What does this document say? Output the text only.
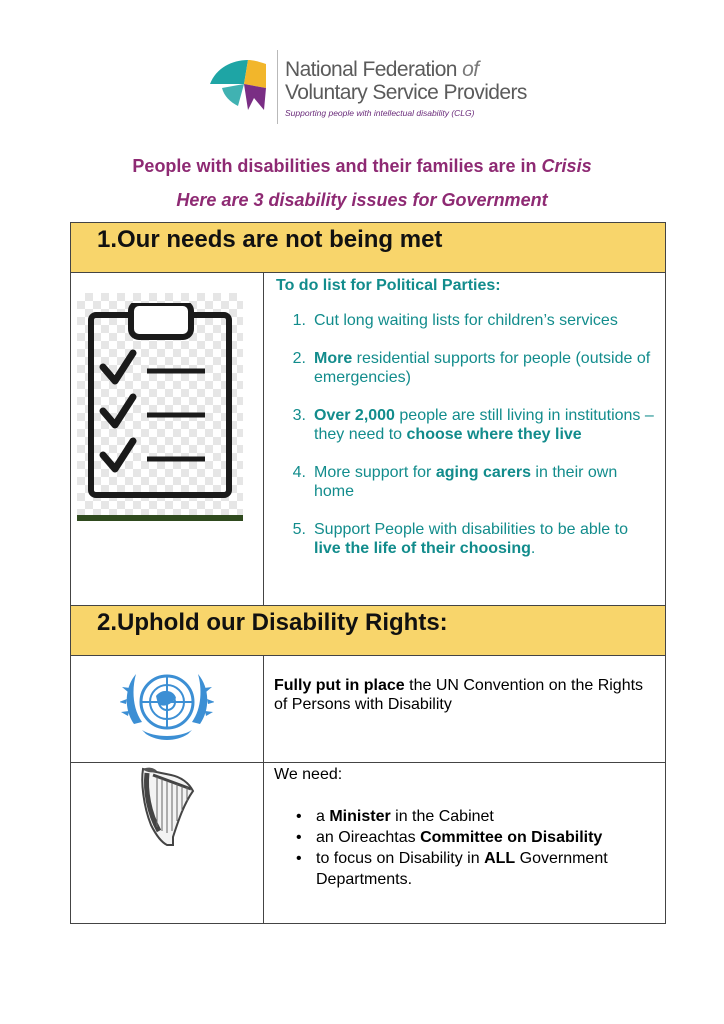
National Federation of
Voluntary Service Providers
Supporting people with intellectual disability (CLG)
People with disabilities and their families are in Crisis
Here are 3 disability issues for Government
1.Our needs are not being met
To do list for Political Parties:
1. Cut long waiting lists for children’s services
2. More residential supports for people (outside of emergencies)
3. Over 2,000 people are still living in institutions – they need to choose where they live
4. More support for aging carers in their own home
5. Support People with disabilities to be able to live the life of their choosing.
2.Uphold our Disability Rights:
Fully put in place the UN Convention on the Rights of Persons with Disability
We need:
• a Minister in the Cabinet
• an Oireachtas Committee on Disability
• to focus on Disability in ALL Government Departments.
